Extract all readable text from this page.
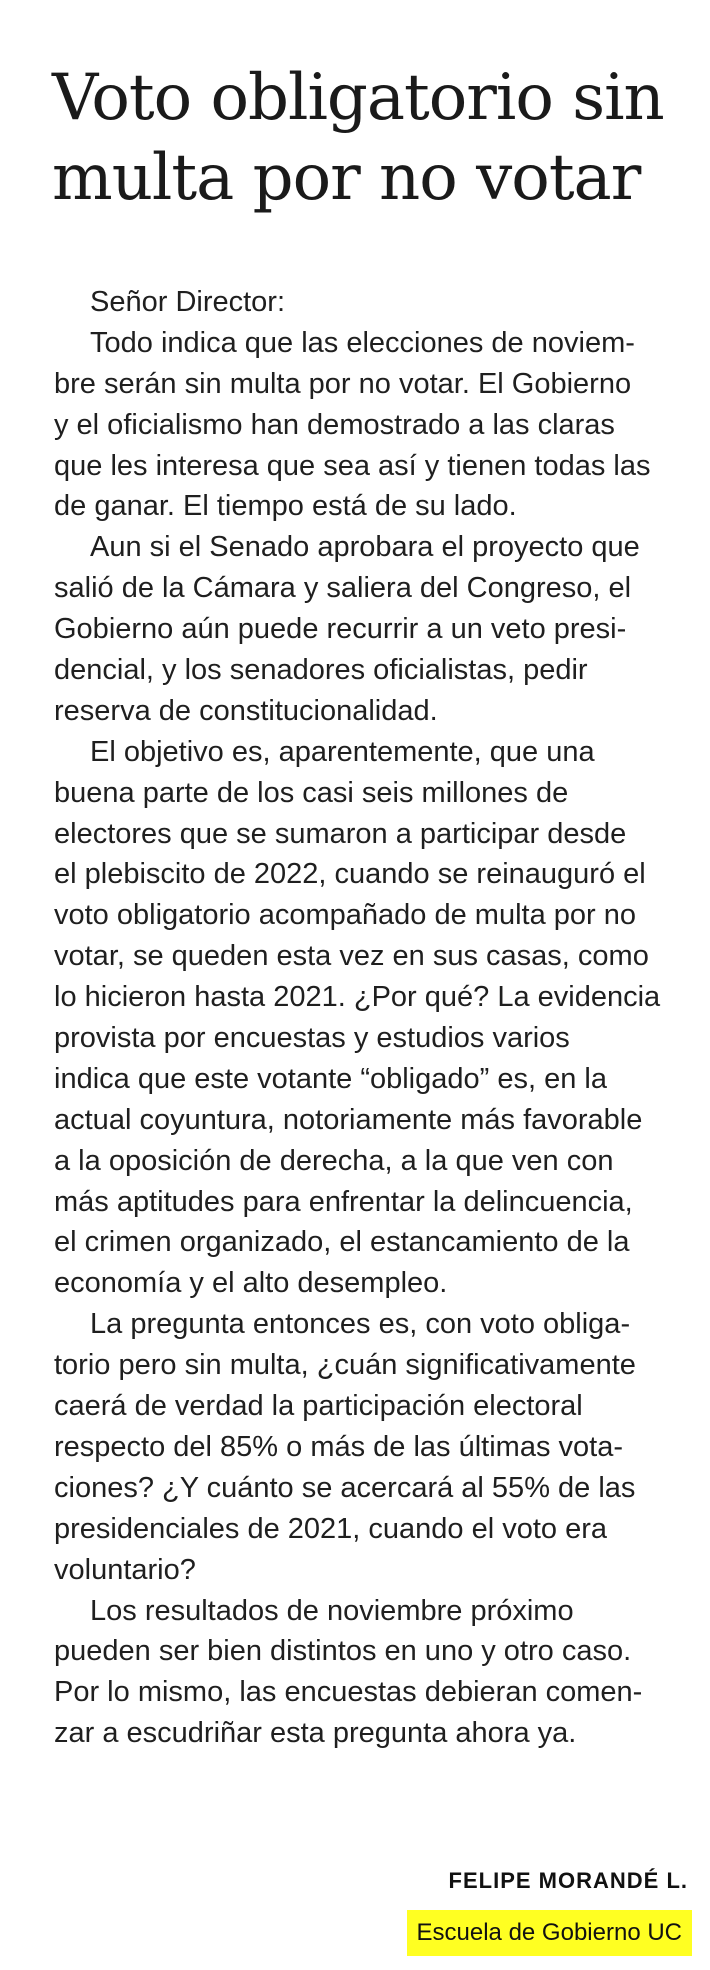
Voto obligatorio sin
multa por no votar
Señor Director:
Todo indica que las elecciones de noviem-
bre serán sin multa por no votar. El Gobierno
y el oficialismo han demostrado a las claras
que les interesa que sea así y tienen todas las
de ganar. El tiempo está de su lado.
Aun si el Senado aprobara el proyecto que
salió de la Cámara y saliera del Congreso, el
Gobierno aún puede recurrir a un veto presi-
dencial, y los senadores oficialistas, pedir
reserva de constitucionalidad.
El objetivo es, aparentemente, que una
buena parte de los casi seis millones de
electores que se sumaron a participar desde
el plebiscito de 2022, cuando se reinauguró el
voto obligatorio acompañado de multa por no
votar, se queden esta vez en sus casas, como
lo hicieron hasta 2021. ¿Por qué? La evidencia
provista por encuestas y estudios varios
indica que este votante “obligado” es, en la
actual coyuntura, notoriamente más favorable
a la oposición de derecha, a la que ven con
más aptitudes para enfrentar la delincuencia,
el crimen organizado, el estancamiento de la
economía y el alto desempleo.
La pregunta entonces es, con voto obliga-
torio pero sin multa, ¿cuán significativamente
caerá de verdad la participación electoral
respecto del 85% o más de las últimas vota-
ciones? ¿Y cuánto se acercará al 55% de las
presidenciales de 2021, cuando el voto era
voluntario?
Los resultados de noviembre próximo
pueden ser bien distintos en uno y otro caso.
Por lo mismo, las encuestas debieran comen-
zar a escudriñar esta pregunta ahora ya.
FELIPE MORANDÉ L.
Escuela de Gobierno UC
